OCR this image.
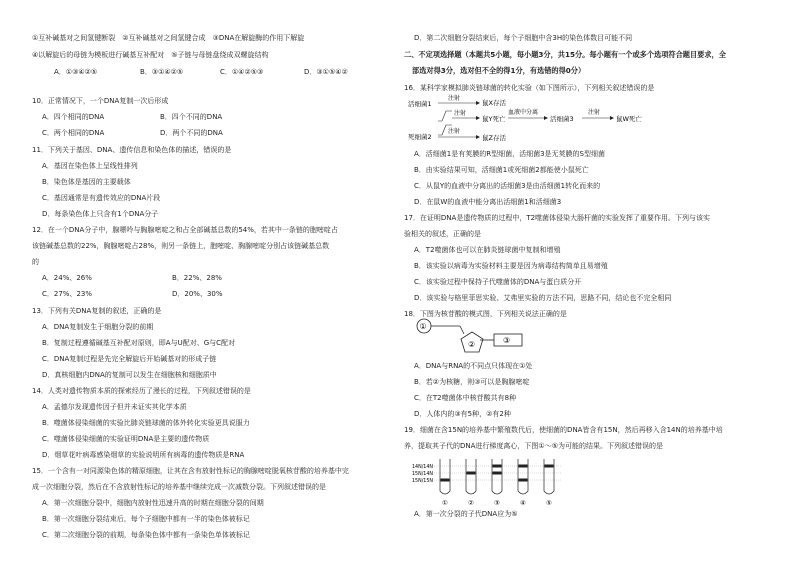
①互补碱基对之间氢键断裂　②互补碱基对之间氢键合成　③DNA在解旋酶的作用下解旋
④以解旋后的母链为模板进行碱基互补配对　⑤子链与母链盘绕成双螺旋结构
A．①③④②⑤	B．③①④②⑤	C．①④②⑤③	D．③①⑤④②
10．正常情况下，一个DNA复制一次后形成
A．四个相同的DNA	B．四个不同的DNA
C．两个相同的DNA	D．两个不同的DNA
11．下列关于基因、DNA、遗传信息和染色体的描述，错误的是
A．基因在染色体上呈线性排列
B．染色体是基因的主要载体
C．基因通常是有遗传效应的DNA片段
D．每条染色体上只含有1个DNA分子
12．在一个DNA分子中，腺嘌呤与胸腺嘧啶之和占全部碱基总数的54%，若其中一条链的胞嘧啶占
该链碱基总数的22%，胸腺嘧啶占28%，则另一条链上，胞嘧啶、胸腺嘧啶分别占该链碱基总数
的
A．24%、26%	B．22%、28%
C．27%、23%	D．20%、30%
13．下列有关DNA复制的叙述，正确的是
A．DNA复制发生于细胞分裂的前期
B．复制过程遵循碱基互补配对原则，即A与U配对、G与C配对
C．DNA复制过程是先完全解旋后开始碱基对的形成子链
D．真核细胞内DNA的复制可以发生在细胞核和细胞质中
14．人类对遗传物质本质的探索经历了漫长的过程，下列叙述错误的是
A．孟德尔发现遗传因子但并未证实其化学本质
B．噬菌体侵染细菌的实验比肺炎链球菌的体外转化实验更具说服力
C．噬菌体侵染细菌的实验证明DNA是主要的遗传物质
D．烟草花叶病毒感染烟草的实验说明所有病毒的遗传物质是RNA
15．一个含有一对同源染色体的精原细胞，让其在含有放射性标记的胸腺嘧啶脱氧核苷酸的培养基中完
成一次细胞分裂，然后在不含放射性标记的培养基中继续完成一次减数分裂。下列叙述错误的是
A．第一次细胞分裂中，细胞内放射性迅速升高的时期在细胞分裂的间期
B．第一次细胞分裂结束后，每个子细胞中都有一半的染色体被标记
C．第二次细胞分裂的前期，每条染色体中都有一条染色单体被标记
D．第二次细胞分裂结束后，每个子细胞中含3H的染色体数目可能不同
二、不定项选择题（本题共5小题，每小题3分，共15分。每小题有一个或多个选项符合题目要求，全
部选对得3分，选对但不全的得1分，有选错的得0分）
16．某科学家模拟肺炎链球菌的转化实验（如下图所示），下列相关叙述错误的是
活细菌1
死细菌2
注射
鼠X存活
注射
鼠Y死亡
血液中分离
活细菌3
注射
鼠W死亡
注射
鼠Z存活
A．活细菌1是有荚膜的R型细菌，活细菌3是无荚膜的S型细菌
B．由实验结果可知，活细菌1或死细菌2都能使小鼠死亡
C．从鼠Y的血液中分离出的活细菌3是由活细菌1转化而来的
D．在鼠W的血液中能分离出活细菌1和活细菌3
17．在证明DNA是遗传物质的过程中，T2噬菌体侵染大肠杆菌的实验发挥了重要作用。下列与该实
验相关的叙述，正确的是
A．T2噬菌体也可以在肺炎链球菌中复制和增殖
B．该实验以病毒为实验材料主要是因为病毒结构简单且易增殖
C．该实验过程中保持子代噬菌体的DNA与蛋白质分开
D．该实验与格里菲思实验、艾弗里实验的方法不同，思路不同，结论也不完全相同
18．下图为核苷酸的模式图，下列相关说法正确的是
①
②	③
A．DNA与RNA的不同点只体现在①处
B．若②为核糖，则③可以是胸腺嘧啶
C．在T2噬菌体中核苷酸共有8种
D．人体内的③有5种，②有2种
19．细菌在含15N的培养基中繁殖数代后，使细菌的DNA皆含有15N，然后再移入含14N的培养基中培
养，提取其子代的DNA进行梯度离心，下图①～⑤为可能的结果。下列叙述错误的是
14N/14N
15N/14N
15N/15N
①	②	③	④	⑤
A．第一次分裂的子代DNA应为⑤
